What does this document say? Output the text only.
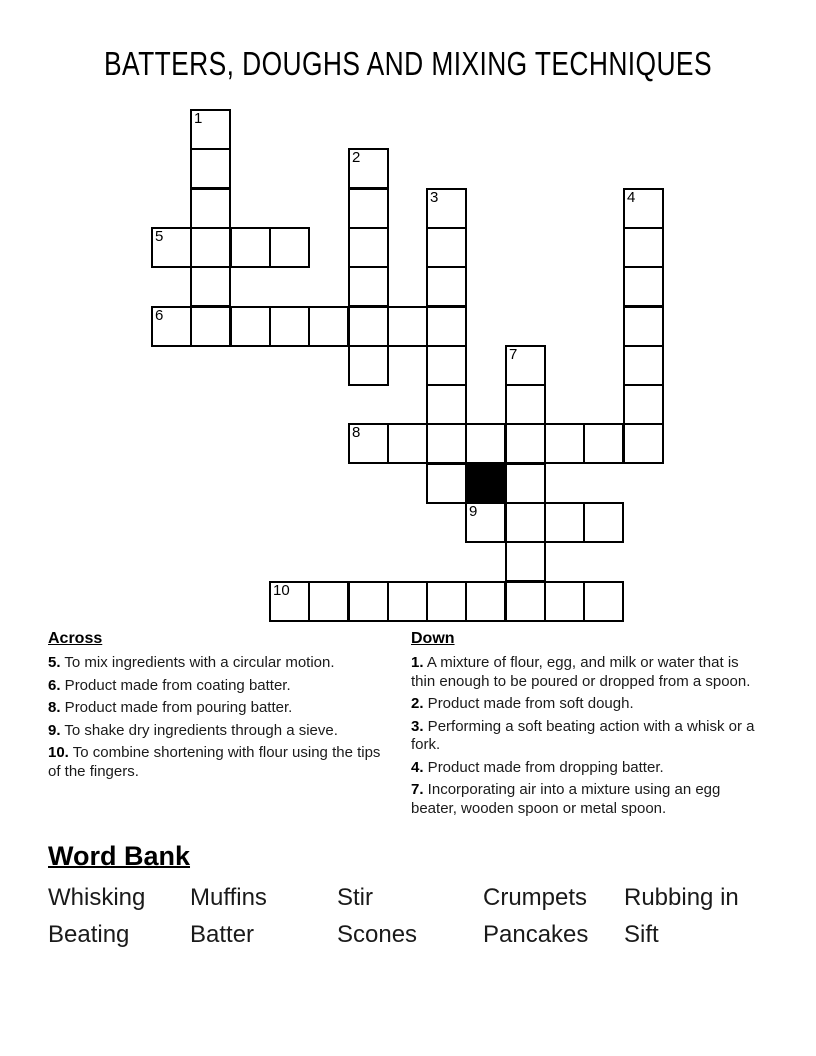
BATTERS, DOUGHS AND MIXING TECHNIQUES
1
2
3	4
5
6
7
8
9
10
Across

5. To mix ingredients with a circular motion.

6. Product made from coating batter.

8. Product made from pouring batter.

9. To shake dry ingredients through a sieve.

10. To combine shortening with flour using the tips of the fingers.

Down

1. A mixture of flour, egg, and milk or water that is thin enough to be poured or dropped from a spoon.

2. Product made from soft dough.

3. Performing a soft beating action with a whisk or a fork.

4. Product made from dropping batter.

7. Incorporating air into a mixture using an egg beater, wooden spoon or metal spoon.

Word Bank
Whisking	Muffins	Stir	Crumpets	Rubbing in
Beating	Batter	Scones	Pancakes	Sift
